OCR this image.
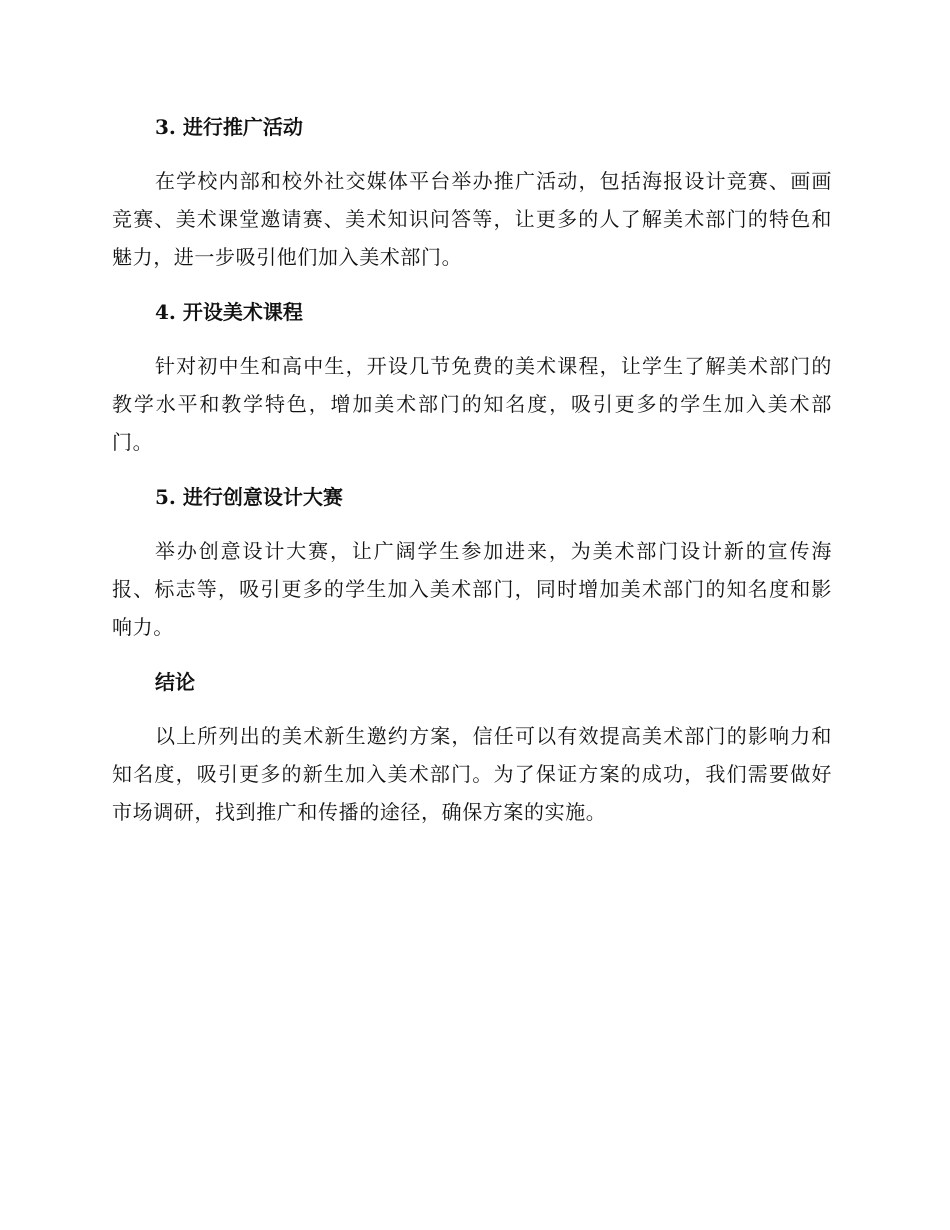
3. 进行推广活动

在学校内部和校外社交媒体平台举办推广活动，包括海报设计竞赛、画画竞赛、美术课堂邀请赛、美术知识问答等，让更多的人了解美术部门的特色和魅力，进一步吸引他们加入美术部门。

4. 开设美术课程

针对初中生和高中生，开设几节免费的美术课程，让学生了解美术部门的教学水平和教学特色，增加美术部门的知名度，吸引更多的学生加入美术部门。

5. 进行创意设计大赛

举办创意设计大赛，让广阔学生参加进来，为美术部门设计新的宣传海报、标志等，吸引更多的学生加入美术部门，同时增加美术部门的知名度和影响力。

结论

以上所列出的美术新生邀约方案，信任可以有效提高美术部门的影响力和知名度，吸引更多的新生加入美术部门。为了保证方案的成功，我们需要做好市场调研，找到推广和传播的途径，确保方案的实施。
